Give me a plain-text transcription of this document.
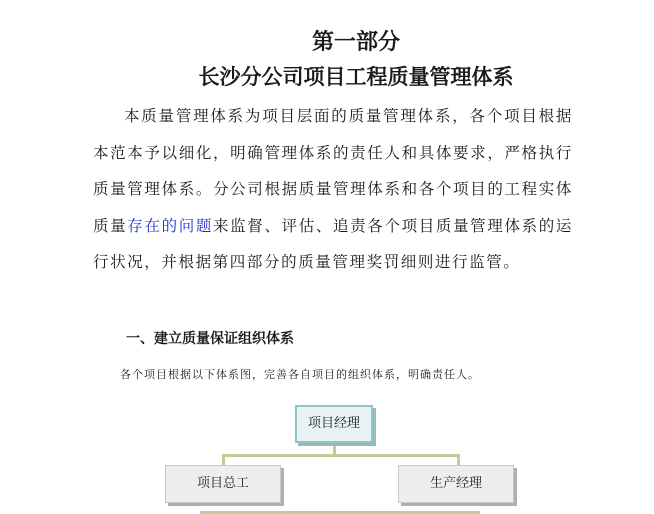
第一部分
长沙分公司项目工程质量管理体系

本质量管理体系为项目层面的质量管理体系，各个项目根据本范本予以细化，明确管理体系的责任人和具体要求，严格执行质量管理体系。分公司根据质量管理体系和各个项目的工程实体质量存在的问题来监督、评估、追责各个项目质量管理体系的运行状况，并根据第四部分的质量管理奖罚细则进行监管。

一、建立质量保证组织体系
各个项目根据以下体系图，完善各自项目的组织体系，明确责任人。
项目经理
项目总工	生产经理
